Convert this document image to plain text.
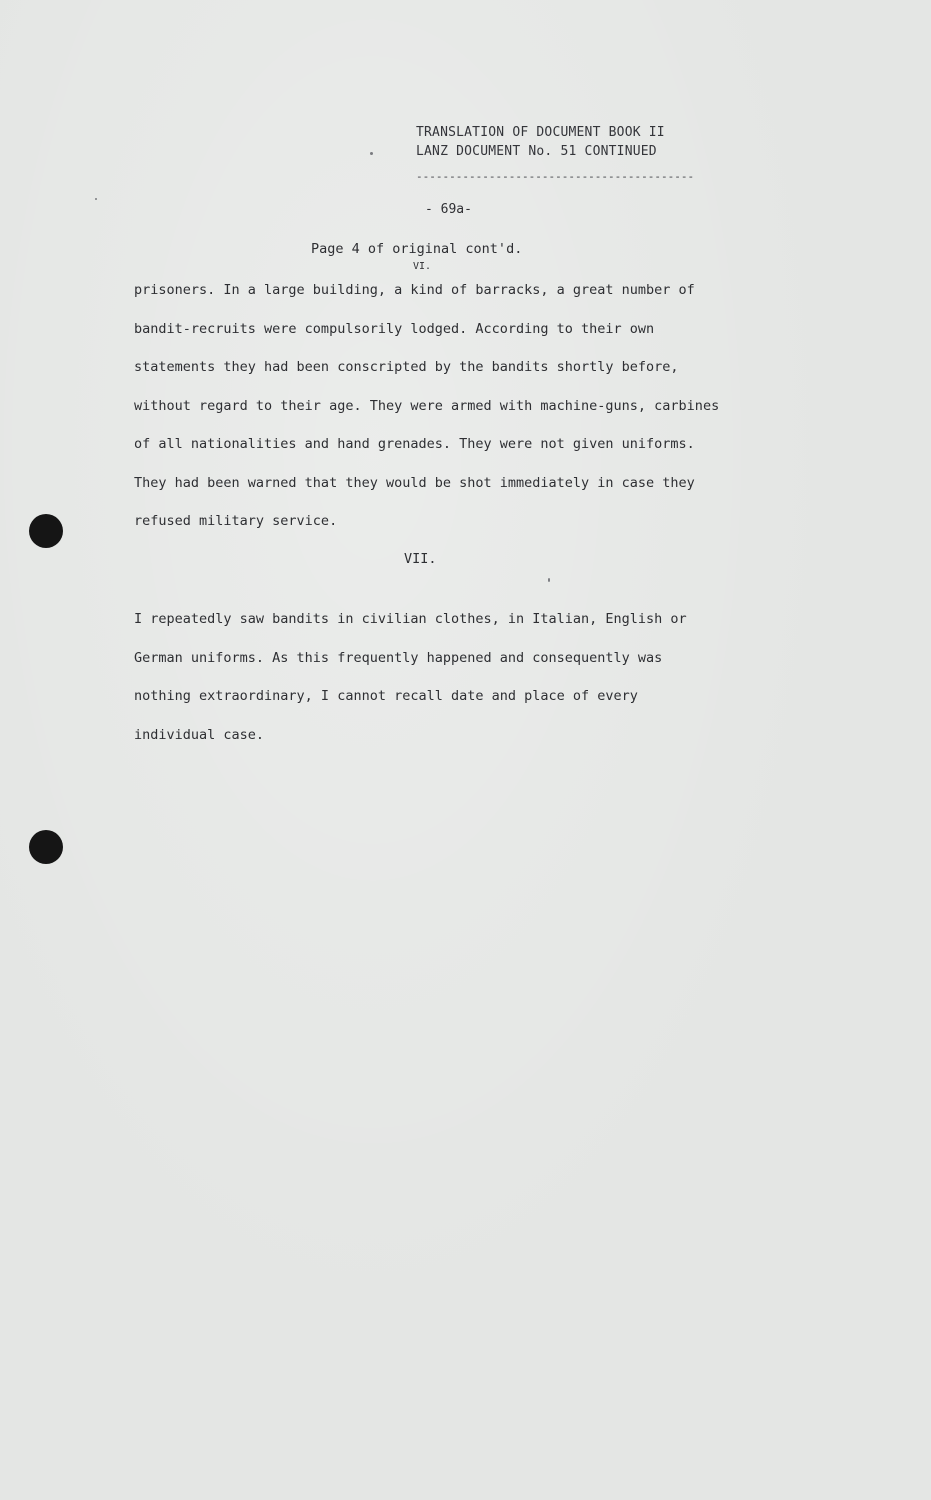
TRANSLATION OF DOCUMENT BOOK II
LANZ DOCUMENT No. 51 CONTINUED
------------------------------------------
- 69a-
Page 4 of original cont'd.
VI.
prisoners. In a large building, a kind of barracks, a great number of
bandit-recruits were compulsorily lodged. According to their own
statements they had been conscripted by the bandits shortly before,
without regard to their age. They were armed with machine-guns, carbines
of all nationalities and hand grenades. They were not given uniforms.
They had been warned that they would be shot immediately in case they
refused military service.
VII.
I repeatedly saw bandits in civilian clothes, in Italian, English or
German uniforms. As this frequently happened and consequently was
nothing extraordinary, I cannot recall date and place of every
individual case.
